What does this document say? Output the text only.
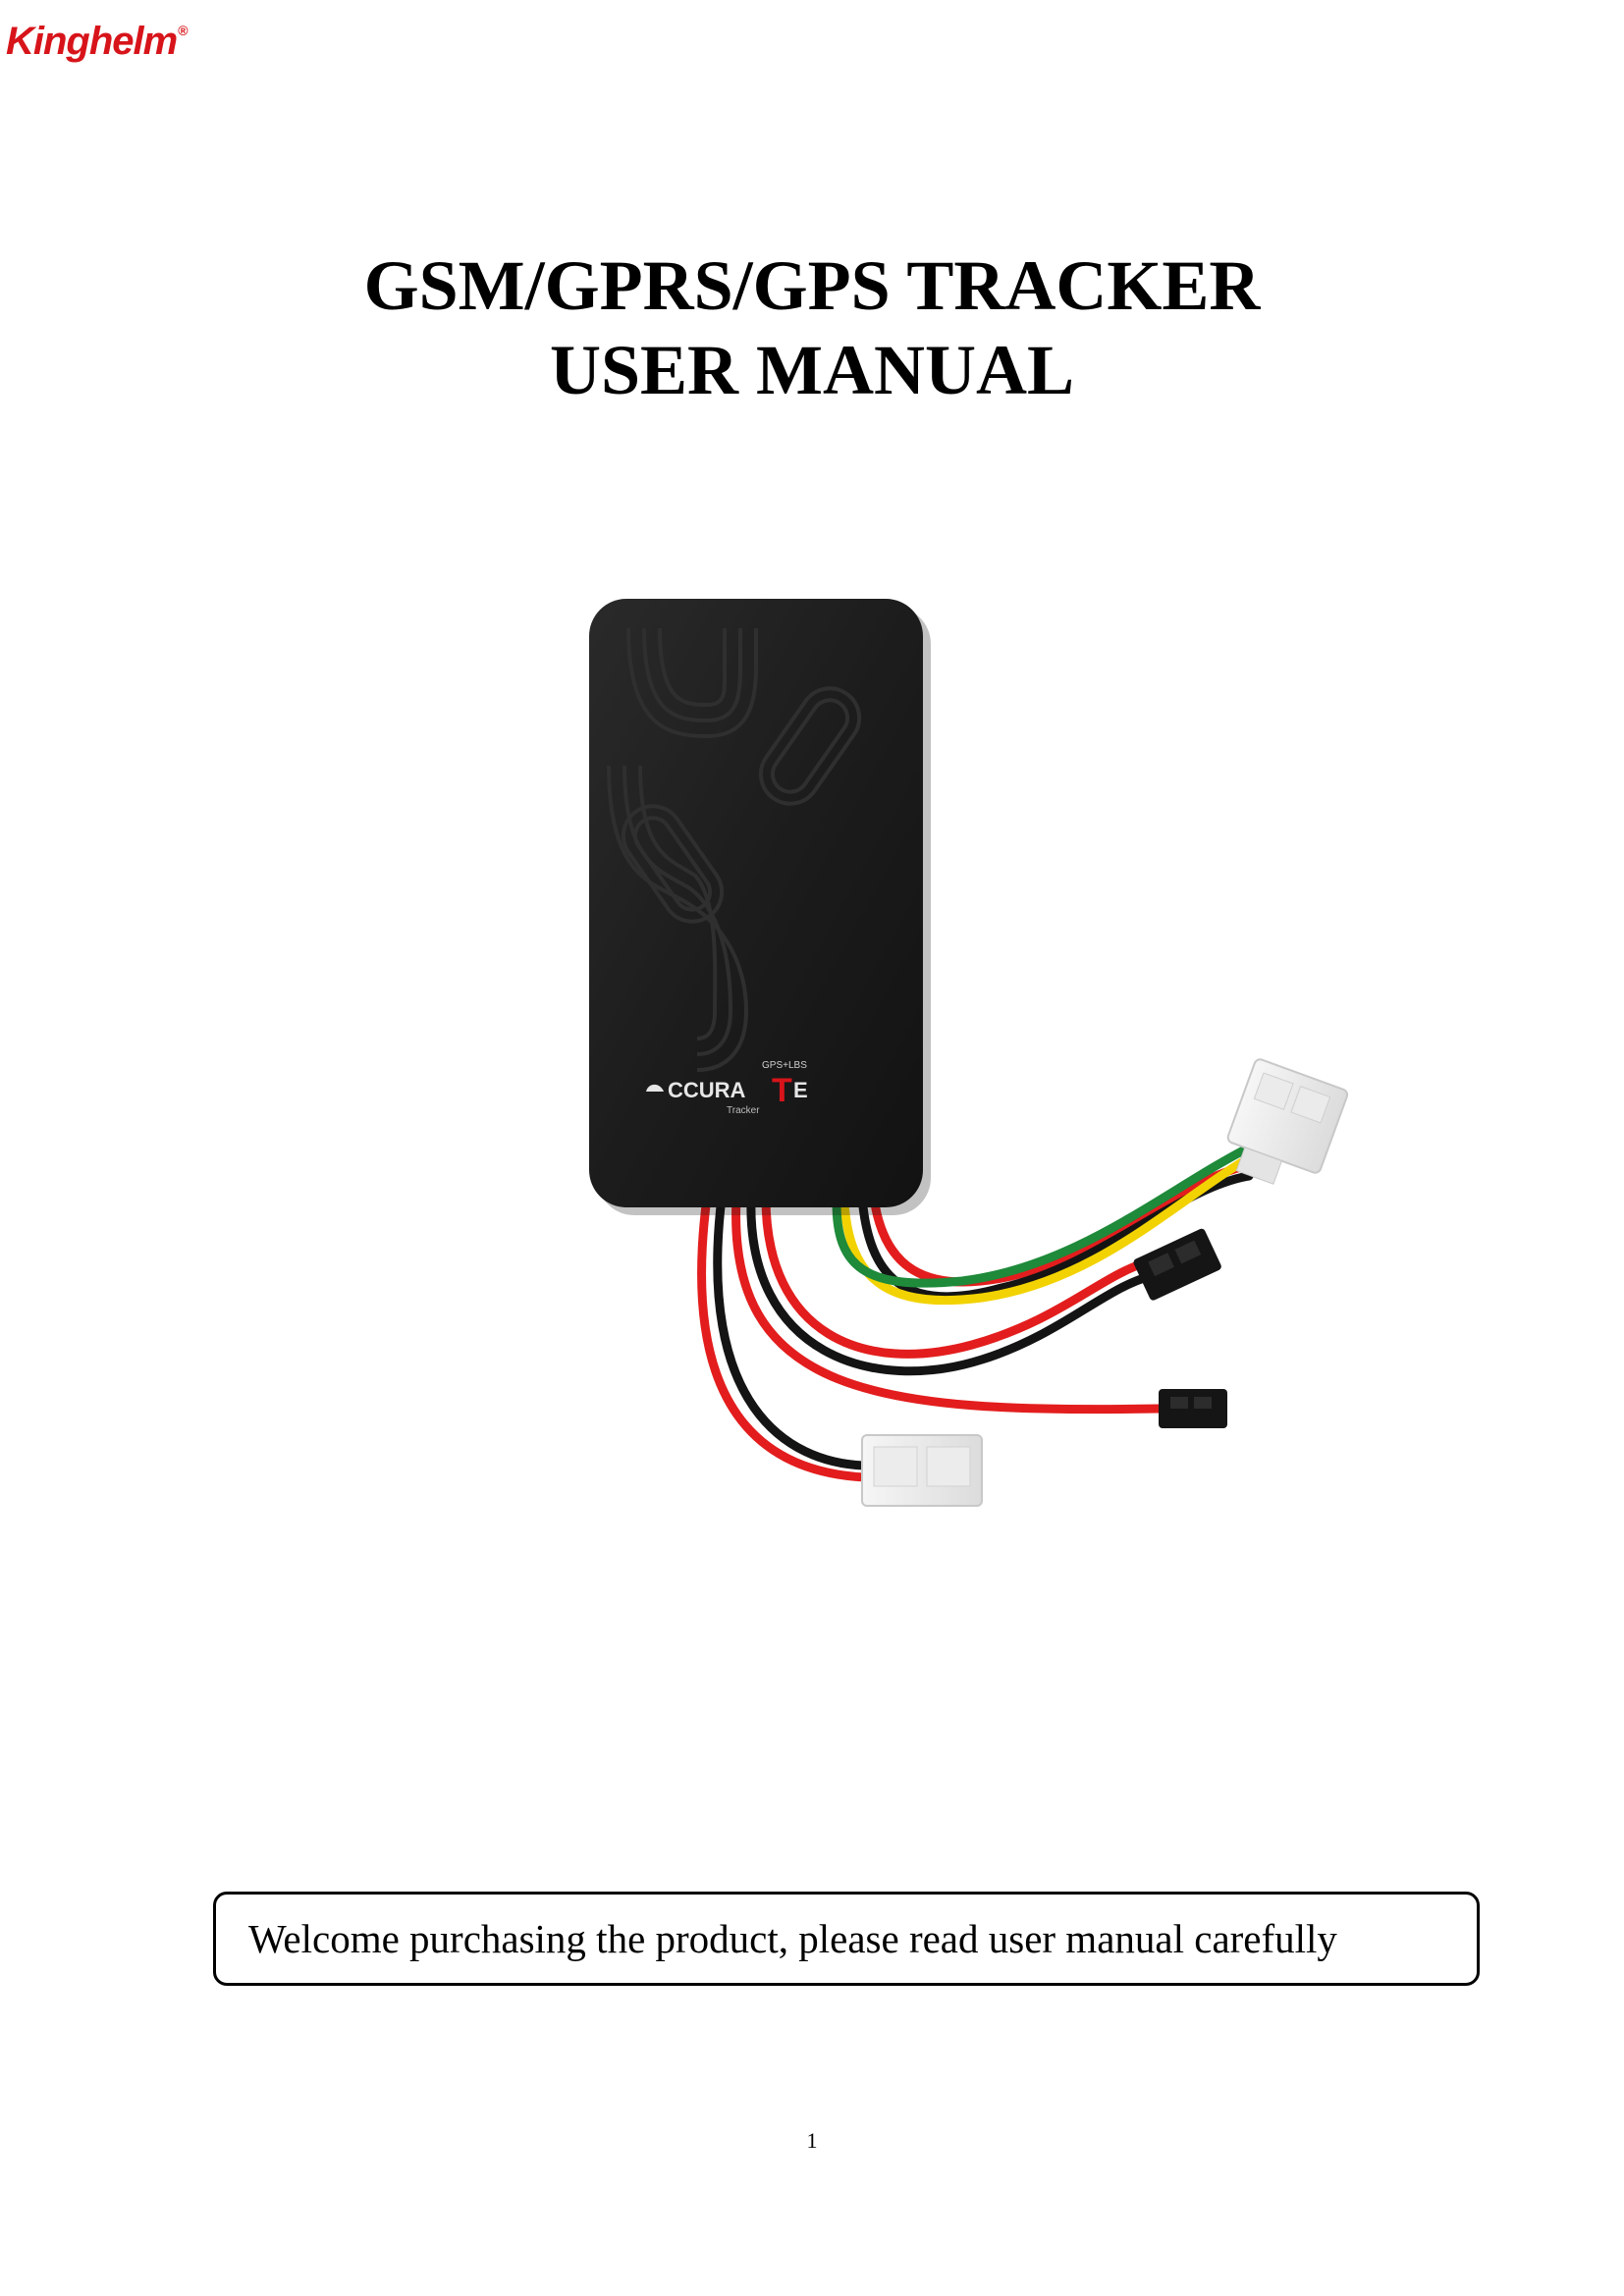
Kinghelm®

GSM/GPRS/GPS TRACKER

USER MANUAL

GPS+LBS
CCURA T E
Tracker
Welcome purchasing the product, please read user manual carefully
1
